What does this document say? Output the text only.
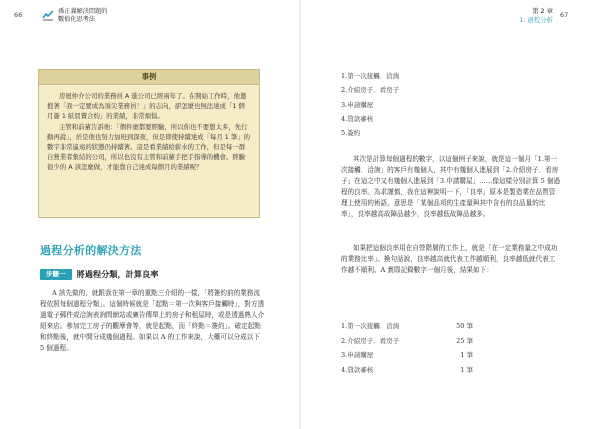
66	孫正義解決問題的
數值化思考法
第 2 章
1. 過程分析
67
事例

房屋仲介公司的業務員 A 進公司已經兩年了。在開始工作時，他邀抱著「我一定要成為頂尖業務員！」的志向，卻怎麼也無法達成「1 個月簽 1 紙買賣合約」的業績，非常煩惱。

主管和前輩告訴他：「個件麼都要經驗，所以你也不要想太多，先行動再說」，於是他也努力加班到深夜，但是即使持續達成「每月 1 筆」的數字非常遙遠的狀態仍持續著。這是看業績給薪水的工作，但是每一群自營業者集結的公司，所以也沒有主管和前輩手把手指導的機會。經驗很少的 A 該怎麼做，才能靠自己達成每個月的業績呢？

過程分析的解決方法
步驟一	將過程分類，計算良率

A 該先做的，就跟我在第一章的重點三介紹的一樣，「將簽約前的業務流程依照每個過程分類」。這個時候就是「起點＝第一次與客戶接觸時」，對方透過電子郵件或洽詢表詢問網站或廣告傳單上的房子和租屋時，或是透過熟人介紹來店。參加完工房子的觀摩會等，就是起點，而「終點＝簽約」。確定起點和終點後，就中間分成幾個過程。如果以 A 的工作來說，大概可以分成以下 5 個過程。

1.第一次接觸．洽詢
2.介紹房子．看房子
3.申請購屋
4.貸款審核
5.簽約

其次是計算每個過程的數字，以這個例子來說，就是這一個月「1.第一次接觸．洽詢」的客戶有幾個人，其中有幾個人進展到「2.介紹房子．看房子」在這之中又有幾個人進展到「3.申請購屋」……像這樣分別計算 5 個過程的良率。為求謹慎，我在這裡說明一下，「良率」原本是製造業在品質管理上使用的術語，意思是「某個品項的生產量與其中含有的良品量的比率」，良率越高故障品越少，良率越低故障品越多。

如果把這個良率用在自營階層的工作上，就是「在一定業務量之中成功的業務比率」。換句話說，良率越高就代表工作越順利，良率越低就代表工作越不順利。A 實際記錄數字一個月後，結果如下：

1.第一次接觸．洽詢	50 筆
2.介紹房子．看房子	25 筆
3.申請購屋	1 筆
4.貸款審核	1 筆
